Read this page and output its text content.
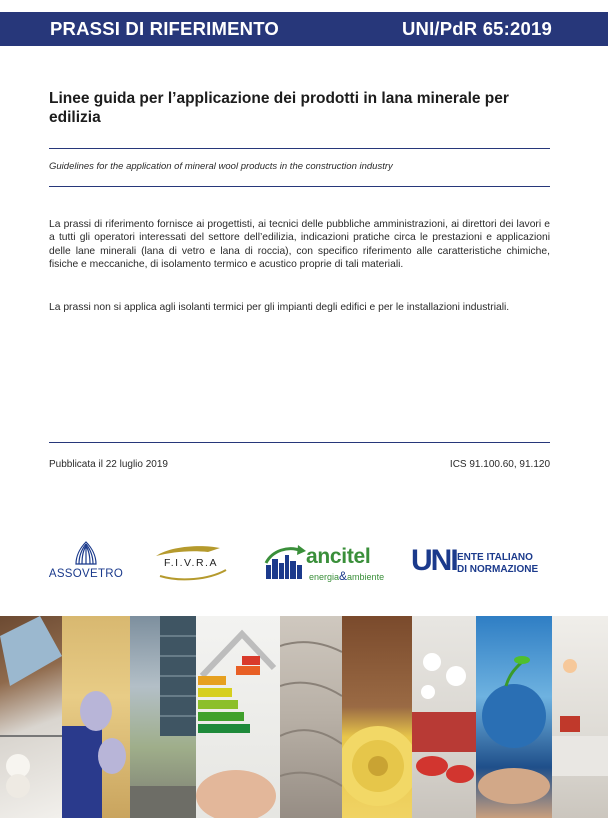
PRASSI DI RIFERIMENTO	UNI/PdR 65:2019
Linee guida per l’applicazione dei prodotti in lana minerale per edilizia
Guidelines for the application of mineral wool products in the construction industry
La prassi di riferimento fornisce ai progettisti, ai tecnici delle pubbliche amministrazioni, ai direttori dei lavori e a tutti gli operatori interessati del settore dell’edilizia, indicazioni pratiche circa le prestazioni e applicazioni delle lane minerali (lana di vetro e lana di roccia), con specifico riferimento alle caratteristiche chimiche, fisiche e meccaniche, di isolamento termico e acustico proprie di tali materiali.
La prassi non si applica agli isolanti termici per gli impianti degli edifici e per le installazioni industriali.
Pubblicata il 22 luglio 2019	ICS 91.100.60, 91.120
ASSOVETRO
F.I.V.R.A	ancitel
energia&ambiente UNI ENTE ITALIANO
DI NORMAZIONE
